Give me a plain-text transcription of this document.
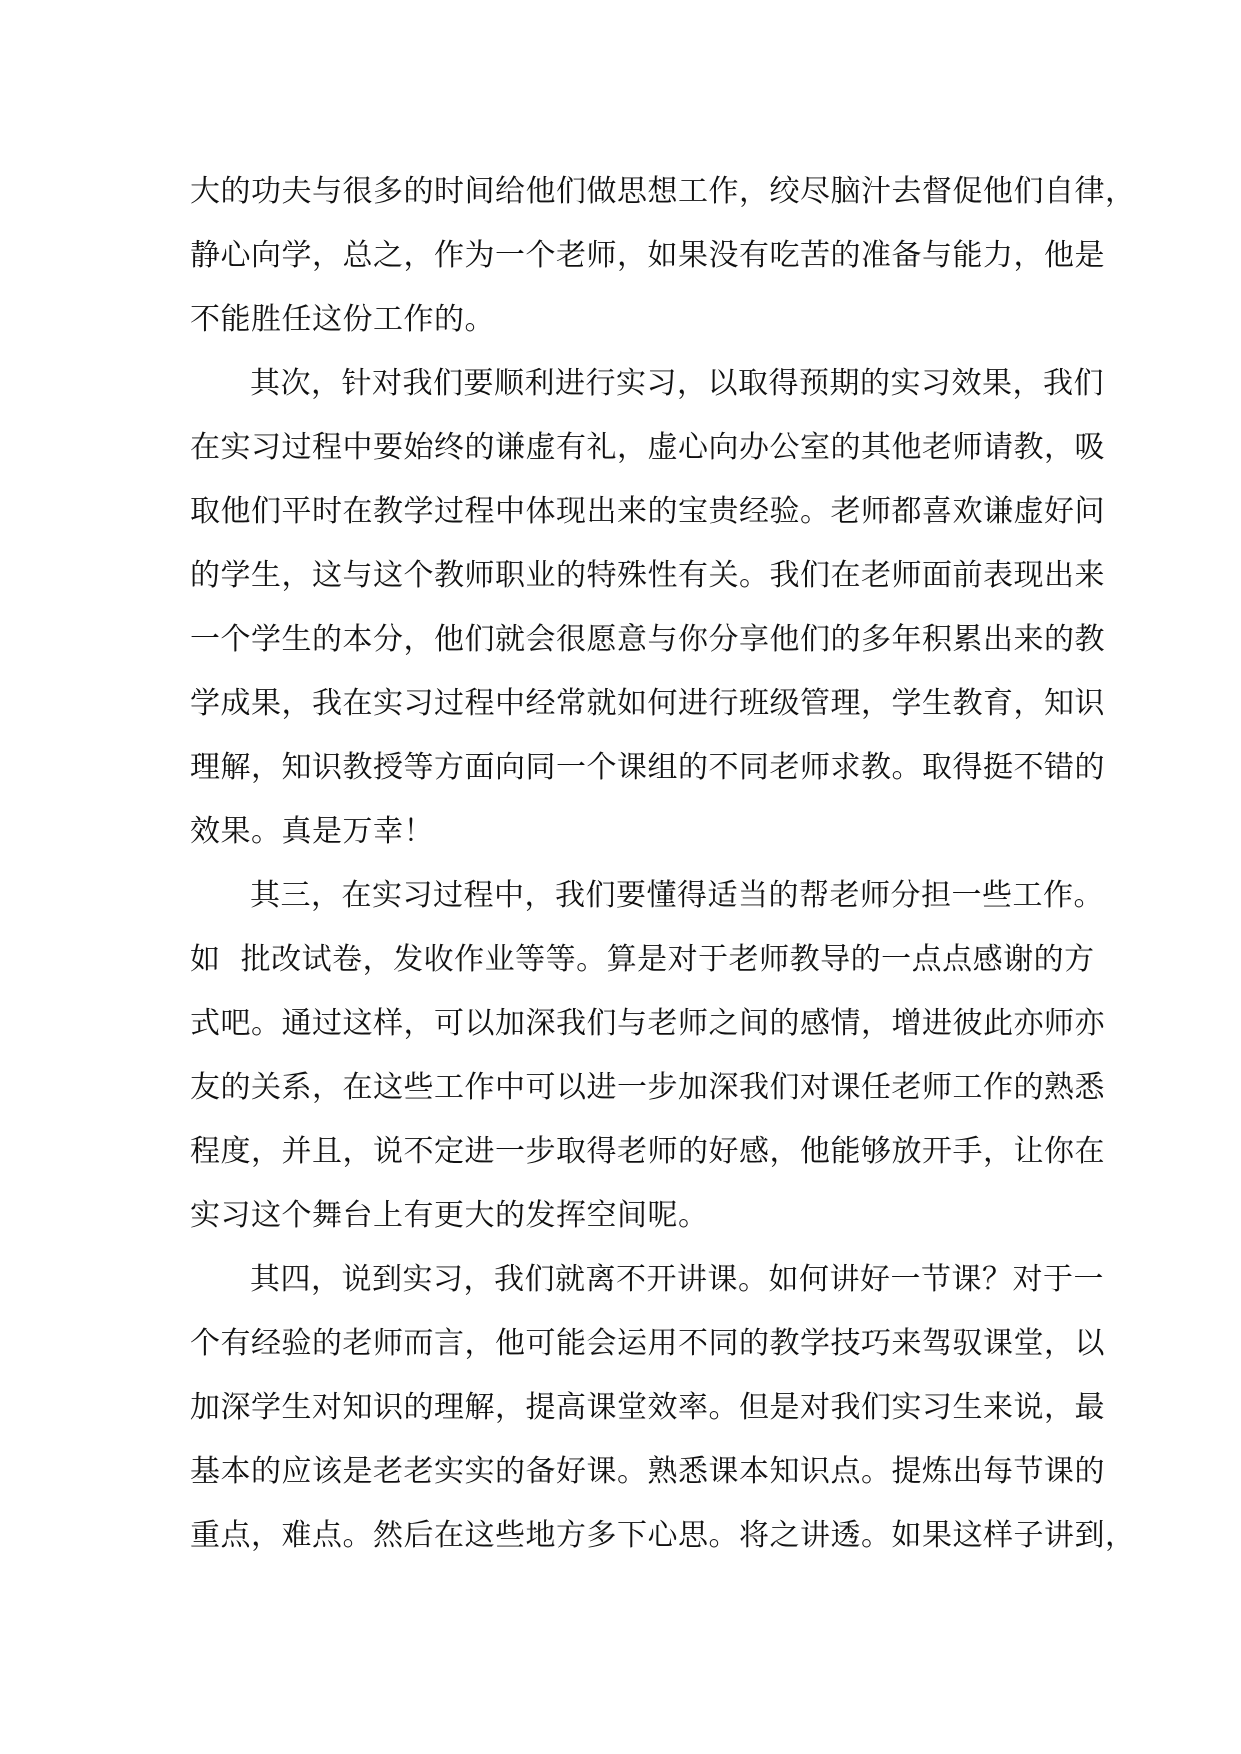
大的功夫与很多的时间给他们做思想工作，绞尽脑汁去督促他们自律，
静心向学，总之，作为一个老师，如果没有吃苦的准备与能力，他是
不能胜任这份工作的。
其次，针对我们要顺利进行实习，以取得预期的实习效果，我们
在实习过程中要始终的谦虚有礼，虚心向办公室的其他老师请教，吸
取他们平时在教学过程中体现出来的宝贵经验。老师都喜欢谦虚好问
的学生，这与这个教师职业的特殊性有关。我们在老师面前表现出来
一个学生的本分，他们就会很愿意与你分享他们的多年积累出来的教
学成果，我在实习过程中经常就如何进行班级管理，学生教育，知识
理解，知识教授等方面向同一个课组的不同老师求教。取得挺不错的
效果。真是万幸！
其三，在实习过程中，我们要懂得适当的帮老师分担一些工作。
如  批改试卷，发收作业等等。算是对于老师教导的一点点感谢的方
式吧。通过这样，可以加深我们与老师之间的感情，增进彼此亦师亦
友的关系，在这些工作中可以进一步加深我们对课任老师工作的熟悉
程度，并且，说不定进一步取得老师的好感，他能够放开手，让你在
实习这个舞台上有更大的发挥空间呢。
其四，说到实习，我们就离不开讲课。如何讲好一节课？对于一
个有经验的老师而言，他可能会运用不同的教学技巧来驾驭课堂，以
加深学生对知识的理解，提高课堂效率。但是对我们实习生来说，最
基本的应该是老老实实的备好课。熟悉课本知识点。提炼出每节课的
重点，难点。然后在这些地方多下心思。将之讲透。如果这样子讲到，
